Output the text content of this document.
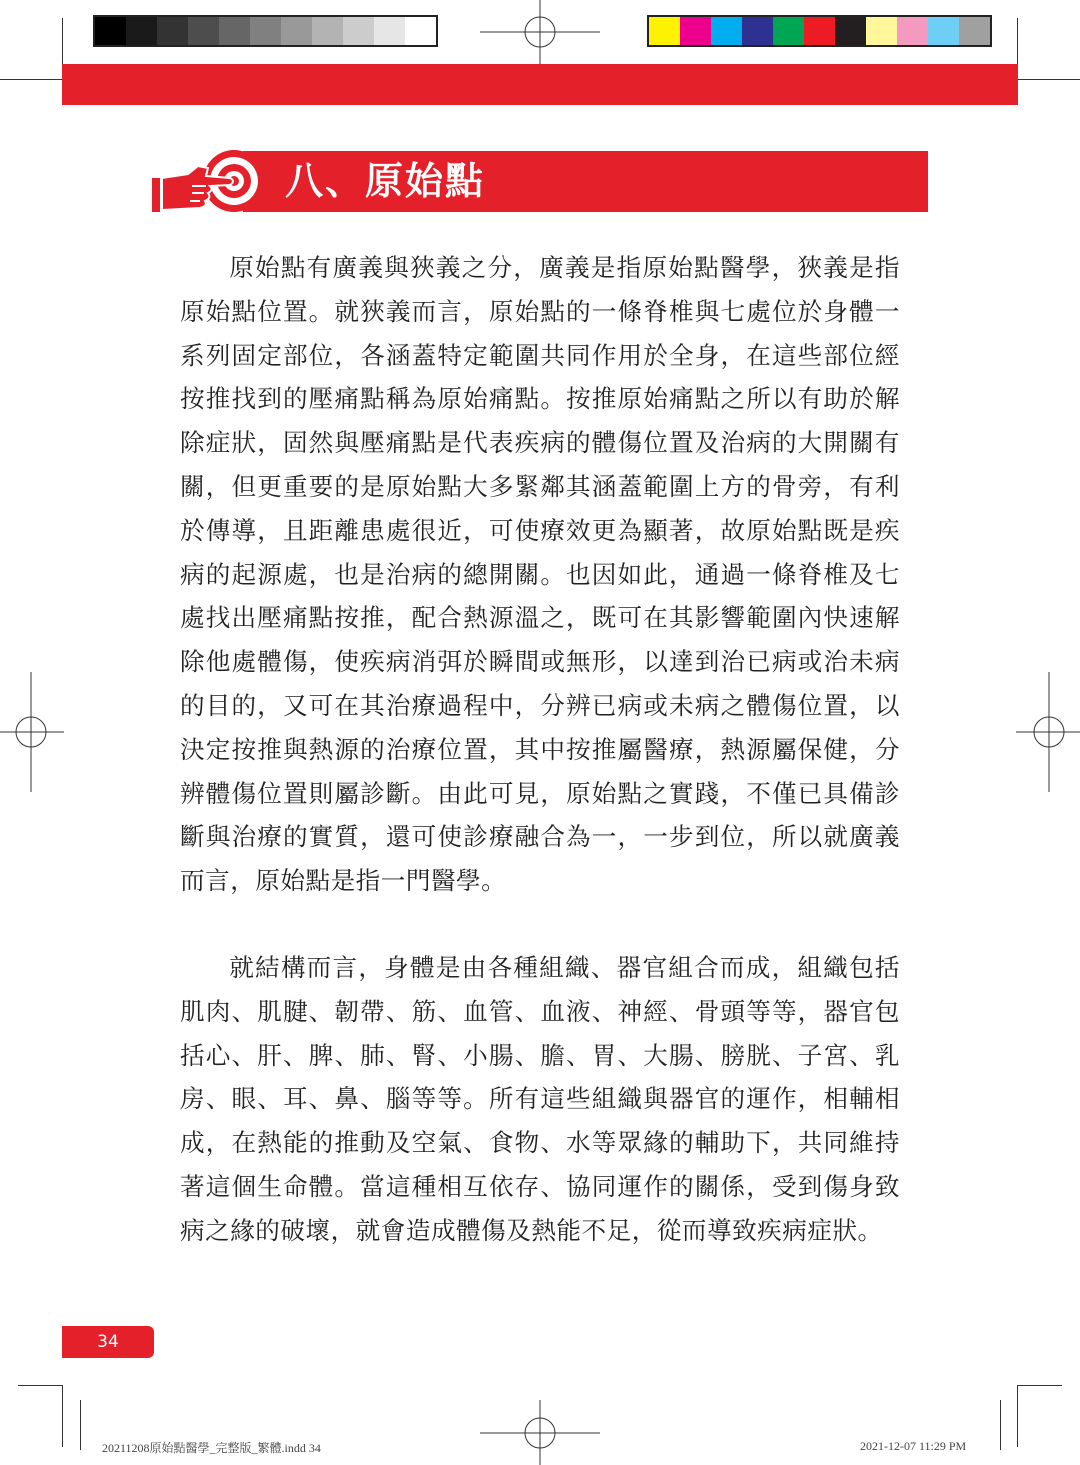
八、原始點

原始點有廣義與狹義之分，廣義是指原始點醫學，狹義是指原始點位置。就狹義而言，原始點的一條脊椎與七處位於身體一系列固定部位，各涵蓋特定範圍共同作用於全身，在這些部位經按推找到的壓痛點稱為原始痛點。按推原始痛點之所以有助於解除症狀，固然與壓痛點是代表疾病的體傷位置及治病的大開關有關，但更重要的是原始點大多緊鄰其涵蓋範圍上方的骨旁，有利於傳導，且距離患處很近，可使療效更為顯著，故原始點既是疾病的起源處，也是治病的總開關。也因如此，通過一條脊椎及七處找出壓痛點按推，配合熱源溫之，既可在其影響範圍內快速解除他處體傷，使疾病消弭於瞬間或無形，以達到治已病或治未病的目的，又可在其治療過程中，分辨已病或未病之體傷位置，以決定按推與熱源的治療位置，其中按推屬醫療，熱源屬保健，分辨體傷位置則屬診斷。由此可見，原始點之實踐，不僅已具備診斷與治療的實質，還可使診療融合為一，一步到位，所以就廣義而言，原始點是指一門醫學。

就結構而言，身體是由各種組織、器官組合而成，組織包括肌肉、肌腱、韌帶、筋、血管、血液、神經、骨頭等等，器官包括心、肝、脾、肺、腎、小腸、膽、胃、大腸、膀胱、子宮、乳房、眼、耳、鼻、腦等等。所有這些組織與器官的運作，相輔相成，在熱能的推動及空氣、食物、水等眾緣的輔助下，共同維持著這個生命體。當這種相互依存、協同運作的關係，受到傷身致病之緣的破壞，就會造成體傷及熱能不足，從而導致疾病症狀。

34
20211208原始點醫學_完整版_繁體.indd 34	2021-12-07 11:29 PM
